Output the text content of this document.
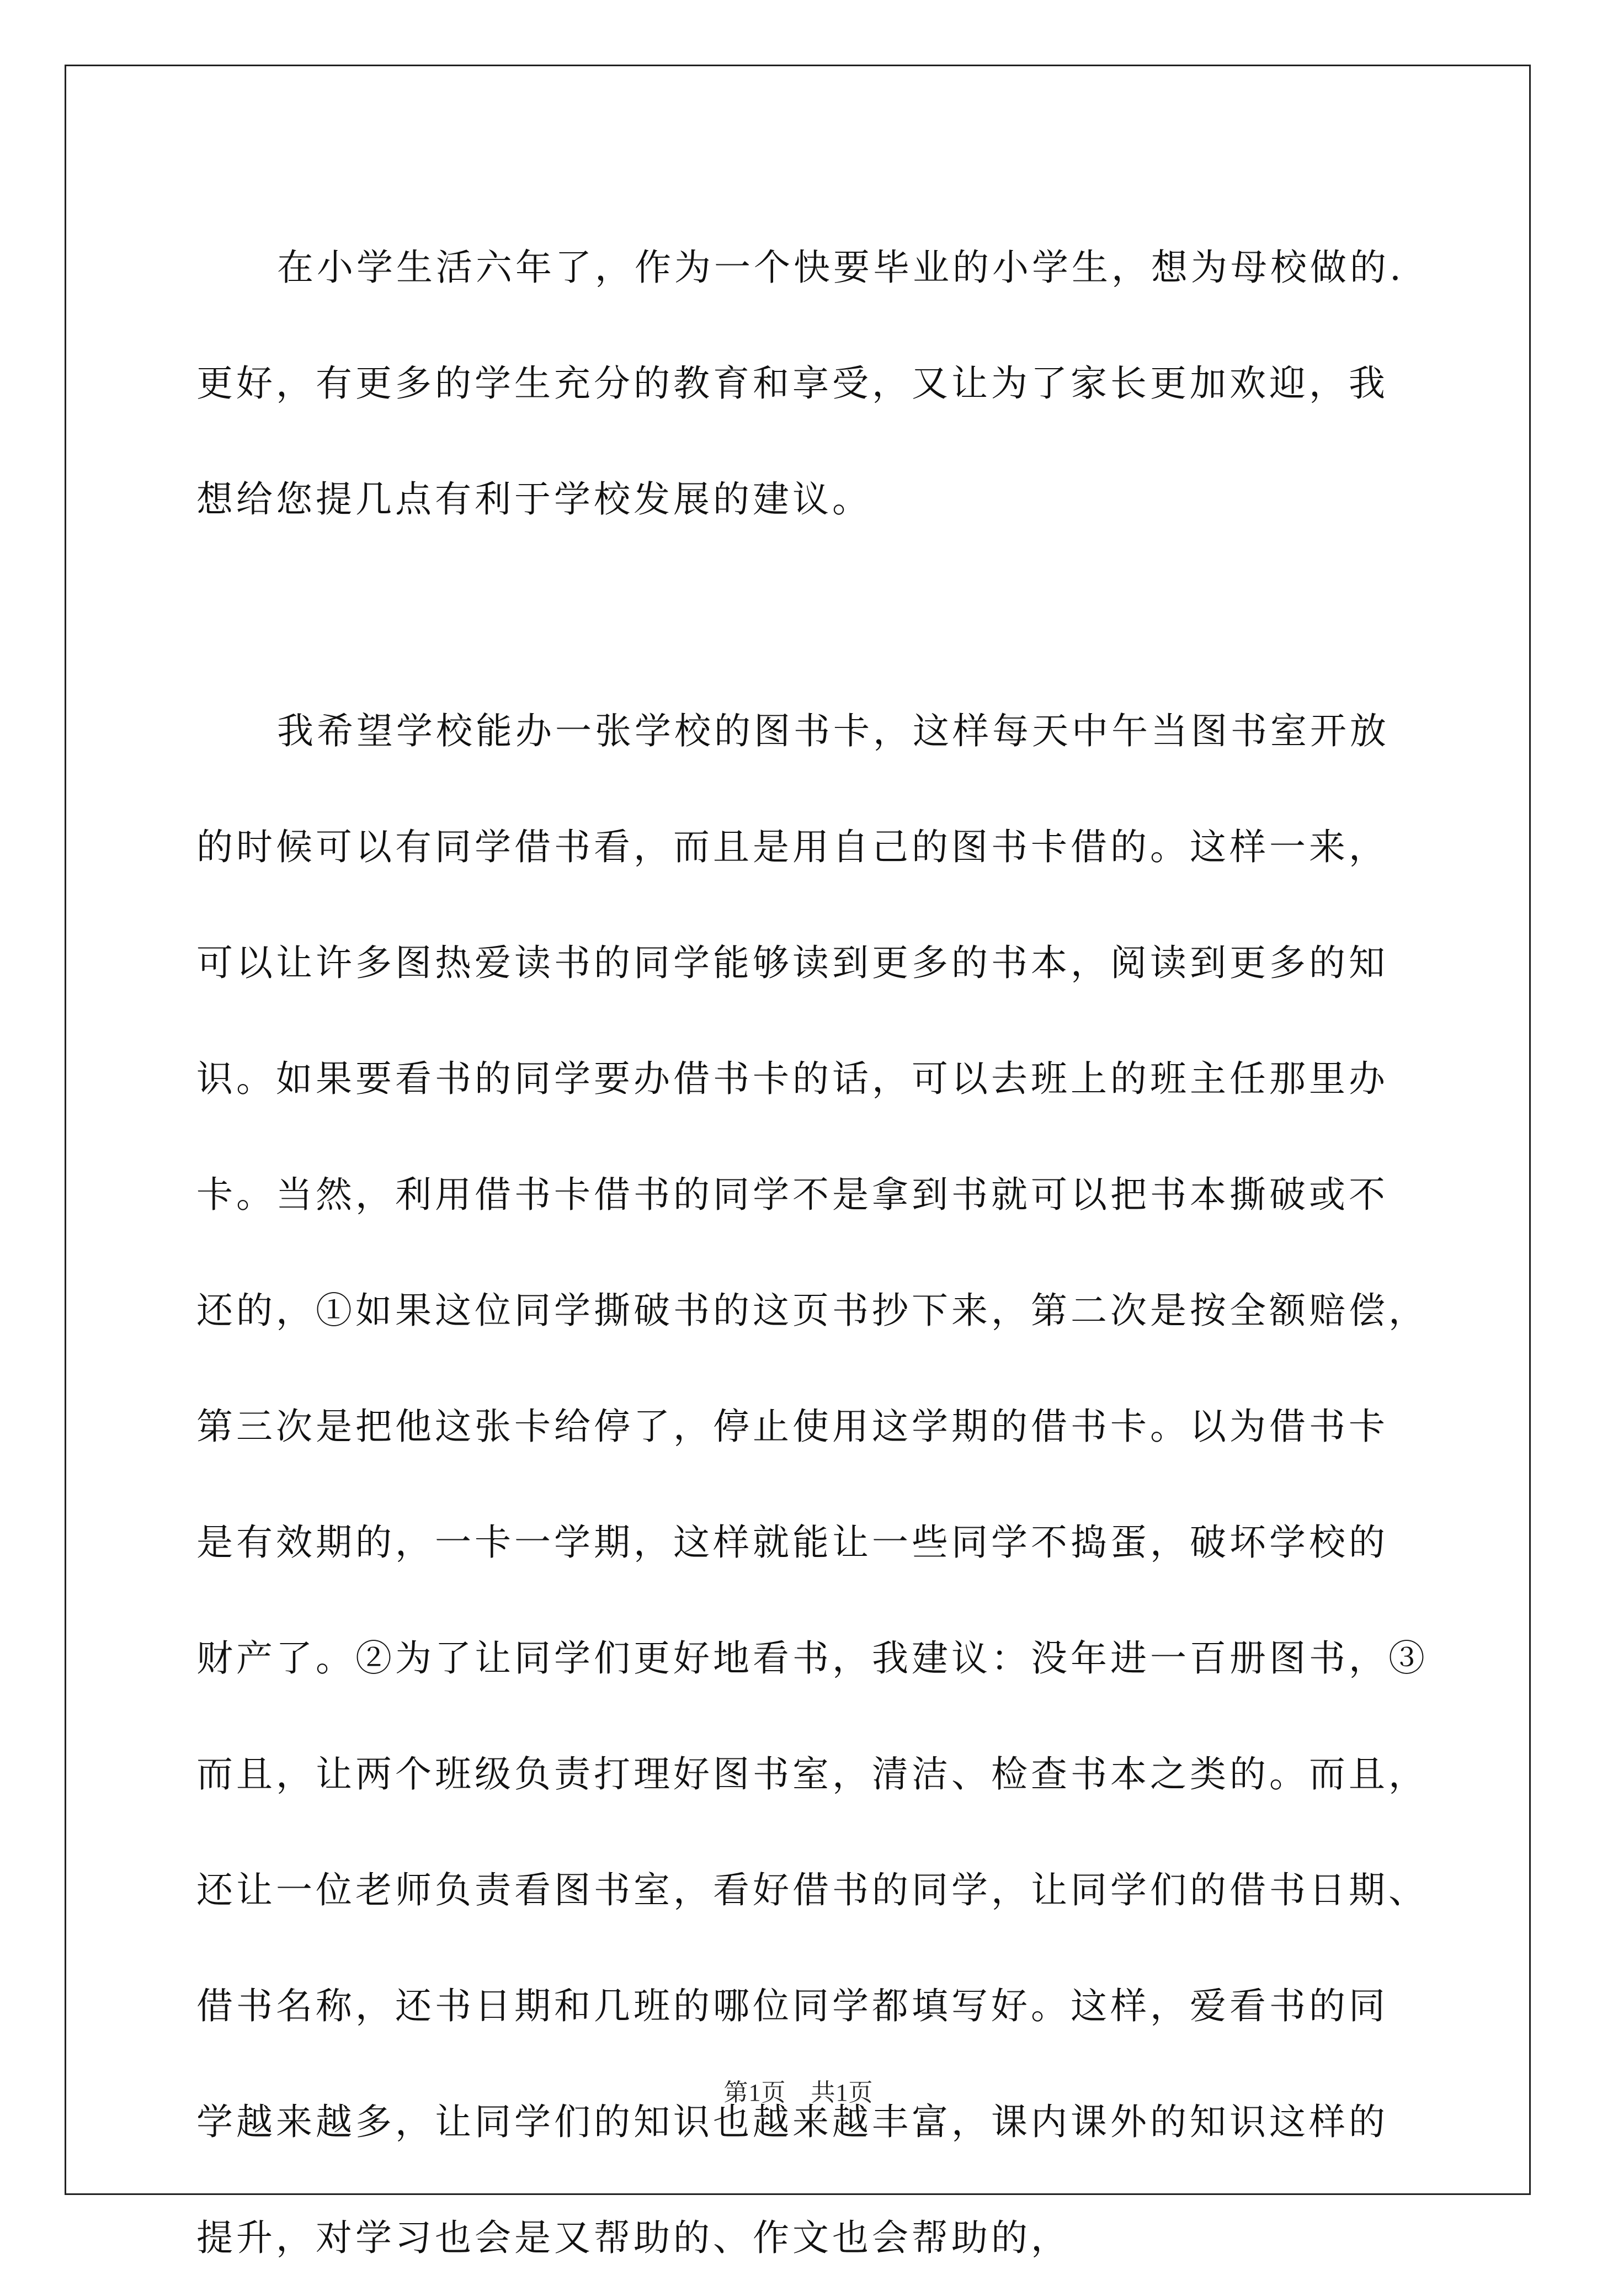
在小学生活六年了，作为一个快要毕业的小学生，想为母校做的.
更好，有更多的学生充分的教育和享受，又让为了家长更加欢迎，我
想给您提几点有利于学校发展的建议。
我希望学校能办一张学校的图书卡，这样每天中午当图书室开放
的时候可以有同学借书看，而且是用自己的图书卡借的。这样一来，
可以让许多图热爱读书的同学能够读到更多的书本，阅读到更多的知
识。如果要看书的同学要办借书卡的话，可以去班上的班主任那里办
卡。当然，利用借书卡借书的同学不是拿到书就可以把书本撕破或不
还的，①如果这位同学撕破书的这页书抄下来，第二次是按全额赔偿，
第三次是把他这张卡给停了，停止使用这学期的借书卡。以为借书卡
是有效期的，一卡一学期，这样就能让一些同学不捣蛋，破坏学校的
财产了。②为了让同学们更好地看书，我建议：没年进一百册图书，③
而且，让两个班级负责打理好图书室，清洁、检查书本之类的。而且，
还让一位老师负责看图书室，看好借书的同学，让同学们的借书日期、
借书名称，还书日期和几班的哪位同学都填写好。这样，爱看书的同
学越来越多，让同学们的知识也越来越丰富，课内课外的知识这样的
提升，对学习也会是又帮助的、作文也会帮助的，
第1页　共1页
